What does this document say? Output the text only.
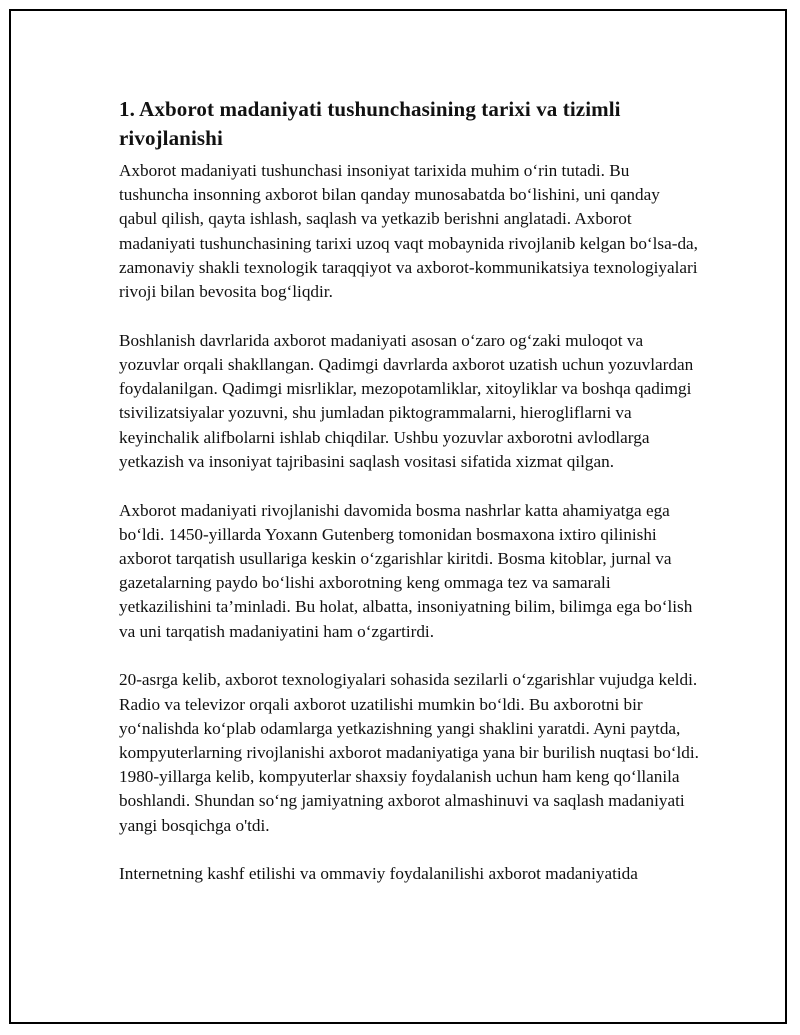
1. Axborot madaniyati tushunchasining tarixi va tizimli rivojlanishi

Axborot madaniyati tushunchasi insoniyat tarixida muhim o‘rin tutadi. Bu tushuncha insonning axborot bilan qanday munosabatda bo‘lishini, uni qanday qabul qilish, qayta ishlash, saqlash va yetkazib berishni anglatadi. Axborot madaniyati tushunchasining tarixi uzoq vaqt mobaynida rivojlanib kelgan bo‘lsa-da, zamonaviy shakli texnologik taraqqiyot va axborot-kommunikatsiya texnologiyalari rivoji bilan bevosita bog‘liqdir.

Boshlanish davrlarida axborot madaniyati asosan o‘zaro og‘zaki muloqot va yozuvlar orqali shakllangan. Qadimgi davrlarda axborot uzatish uchun yozuvlardan foydalanilgan. Qadimgi misrliklar, mezopotamliklar, xitoyliklar va boshqa qadimgi tsivilizatsiyalar yozuvni, shu jumladan piktogrammalarni, hierogliflarni va keyinchalik alifbolarni ishlab chiqdilar. Ushbu yozuvlar axborotni avlodlarga yetkazish va insoniyat tajribasini saqlash vositasi sifatida xizmat qilgan.

Axborot madaniyati rivojlanishi davomida bosma nashrlar katta ahamiyatga ega bo‘ldi. 1450-yillarda Yoxann Gutenberg tomonidan bosmaxona ixtiro qilinishi axborot tarqatish usullariga keskin o‘zgarishlar kiritdi. Bosma kitoblar, jurnal va gazetalarning paydo bo‘lishi axborotning keng ommaga tez va samarali yetkazilishini ta’minladi. Bu holat, albatta, insoniyatning bilim, bilimga ega bo‘lish va uni tarqatish madaniyatini ham o‘zgartirdi.

20-asrga kelib, axborot texnologiyalari sohasida sezilarli o‘zgarishlar vujudga keldi. Radio va televizor orqali axborot uzatilishi mumkin bo‘ldi. Bu axborotni bir yo‘nalishda ko‘plab odamlarga yetkazishning yangi shaklini yaratdi. Ayni paytda, kompyuterlarning rivojlanishi axborot madaniyatiga yana bir burilish nuqtasi bo‘ldi. 1980-yillarga kelib, kompyuterlar shaxsiy foydalanish uchun ham keng qo‘llanila boshlandi. Shundan so‘ng jamiyatning axborot almashinuvi va saqlash madaniyati yangi bosqichga o'tdi.

Internetning kashf etilishi va ommaviy foydalanilishi axborot madaniyatida
